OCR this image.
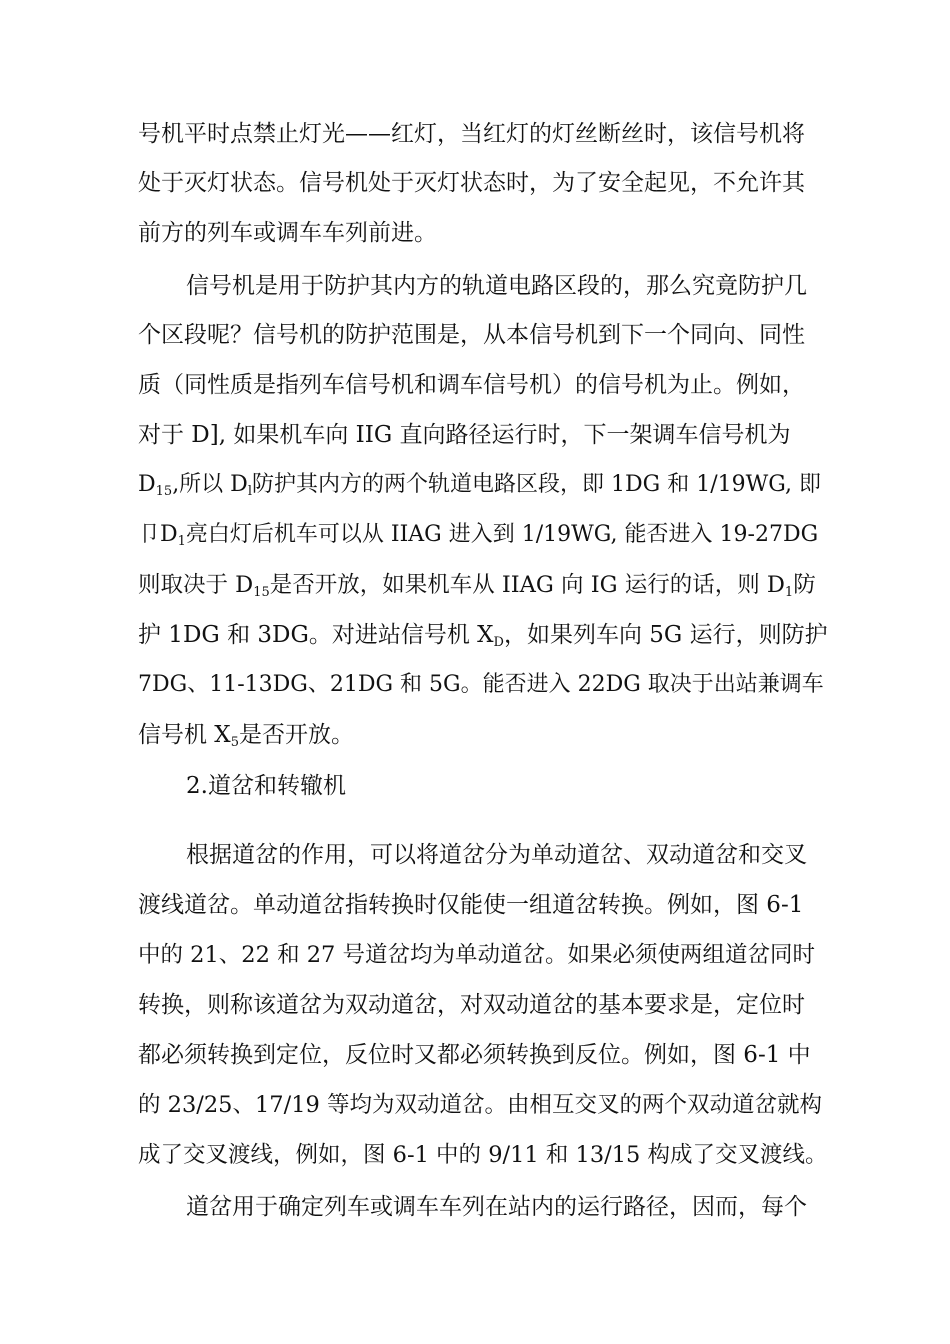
号机平时点禁止灯光——红灯，当红灯的灯丝断丝时，该信号机将
处于灭灯状态。信号机处于灭灯状态时，为了安全起见，不允许其
前方的列车或调车车列前进。
信号机是用于防护其内方的轨道电路区段的，那么究竟防护几
个区段呢？信号机的防护范围是，从本信号机到下一个同向、同性
质（同性质是指列车信号机和调车信号机）的信号机为止。例如，
对于 D], 如果机车向 IIG 直向路径运行时，下一架调车信号机为
$D_{15}$,所以 $D_l$防护其内方的两个轨道电路区段，即 1DG 和 1/19WG, 即
卩$D_1$亮白灯后机车可以从 IIAG 进入到 1/19WG, 能否进入 19-27DG
则取决于 $D_{15}$是否开放，如果机车从 IIAG 向 IG 运行的话，则 $D_1$防
护 1DG 和 3DG。对进站信号机 $X_D$，如果列车向 5G 运行，则防护
7DG、11-13DG、21DG 和 5G。能否进入 22DG 取决于出站兼调车
信号机 $X_5$是否开放。
2.道岔和转辙机
根据道岔的作用，可以将道岔分为单动道岔、双动道岔和交叉
渡线道岔。单动道岔指转换时仅能使一组道岔转换。例如，图 6-1
中的 21、22 和 27 号道岔均为单动道岔。如果必须使两组道岔同时
转换，则称该道岔为双动道岔，对双动道岔的基本要求是，定位时
都必须转换到定位，反位时又都必须转换到反位。例如，图 6-1 中
的 23/25、17/19 等均为双动道岔。由相互交叉的两个双动道岔就构
成了交叉渡线，例如，图 6-1 中的 9/11 和 13/15 构成了交叉渡线。
道岔用于确定列车或调车车列在站内的运行路径，因而，每个
